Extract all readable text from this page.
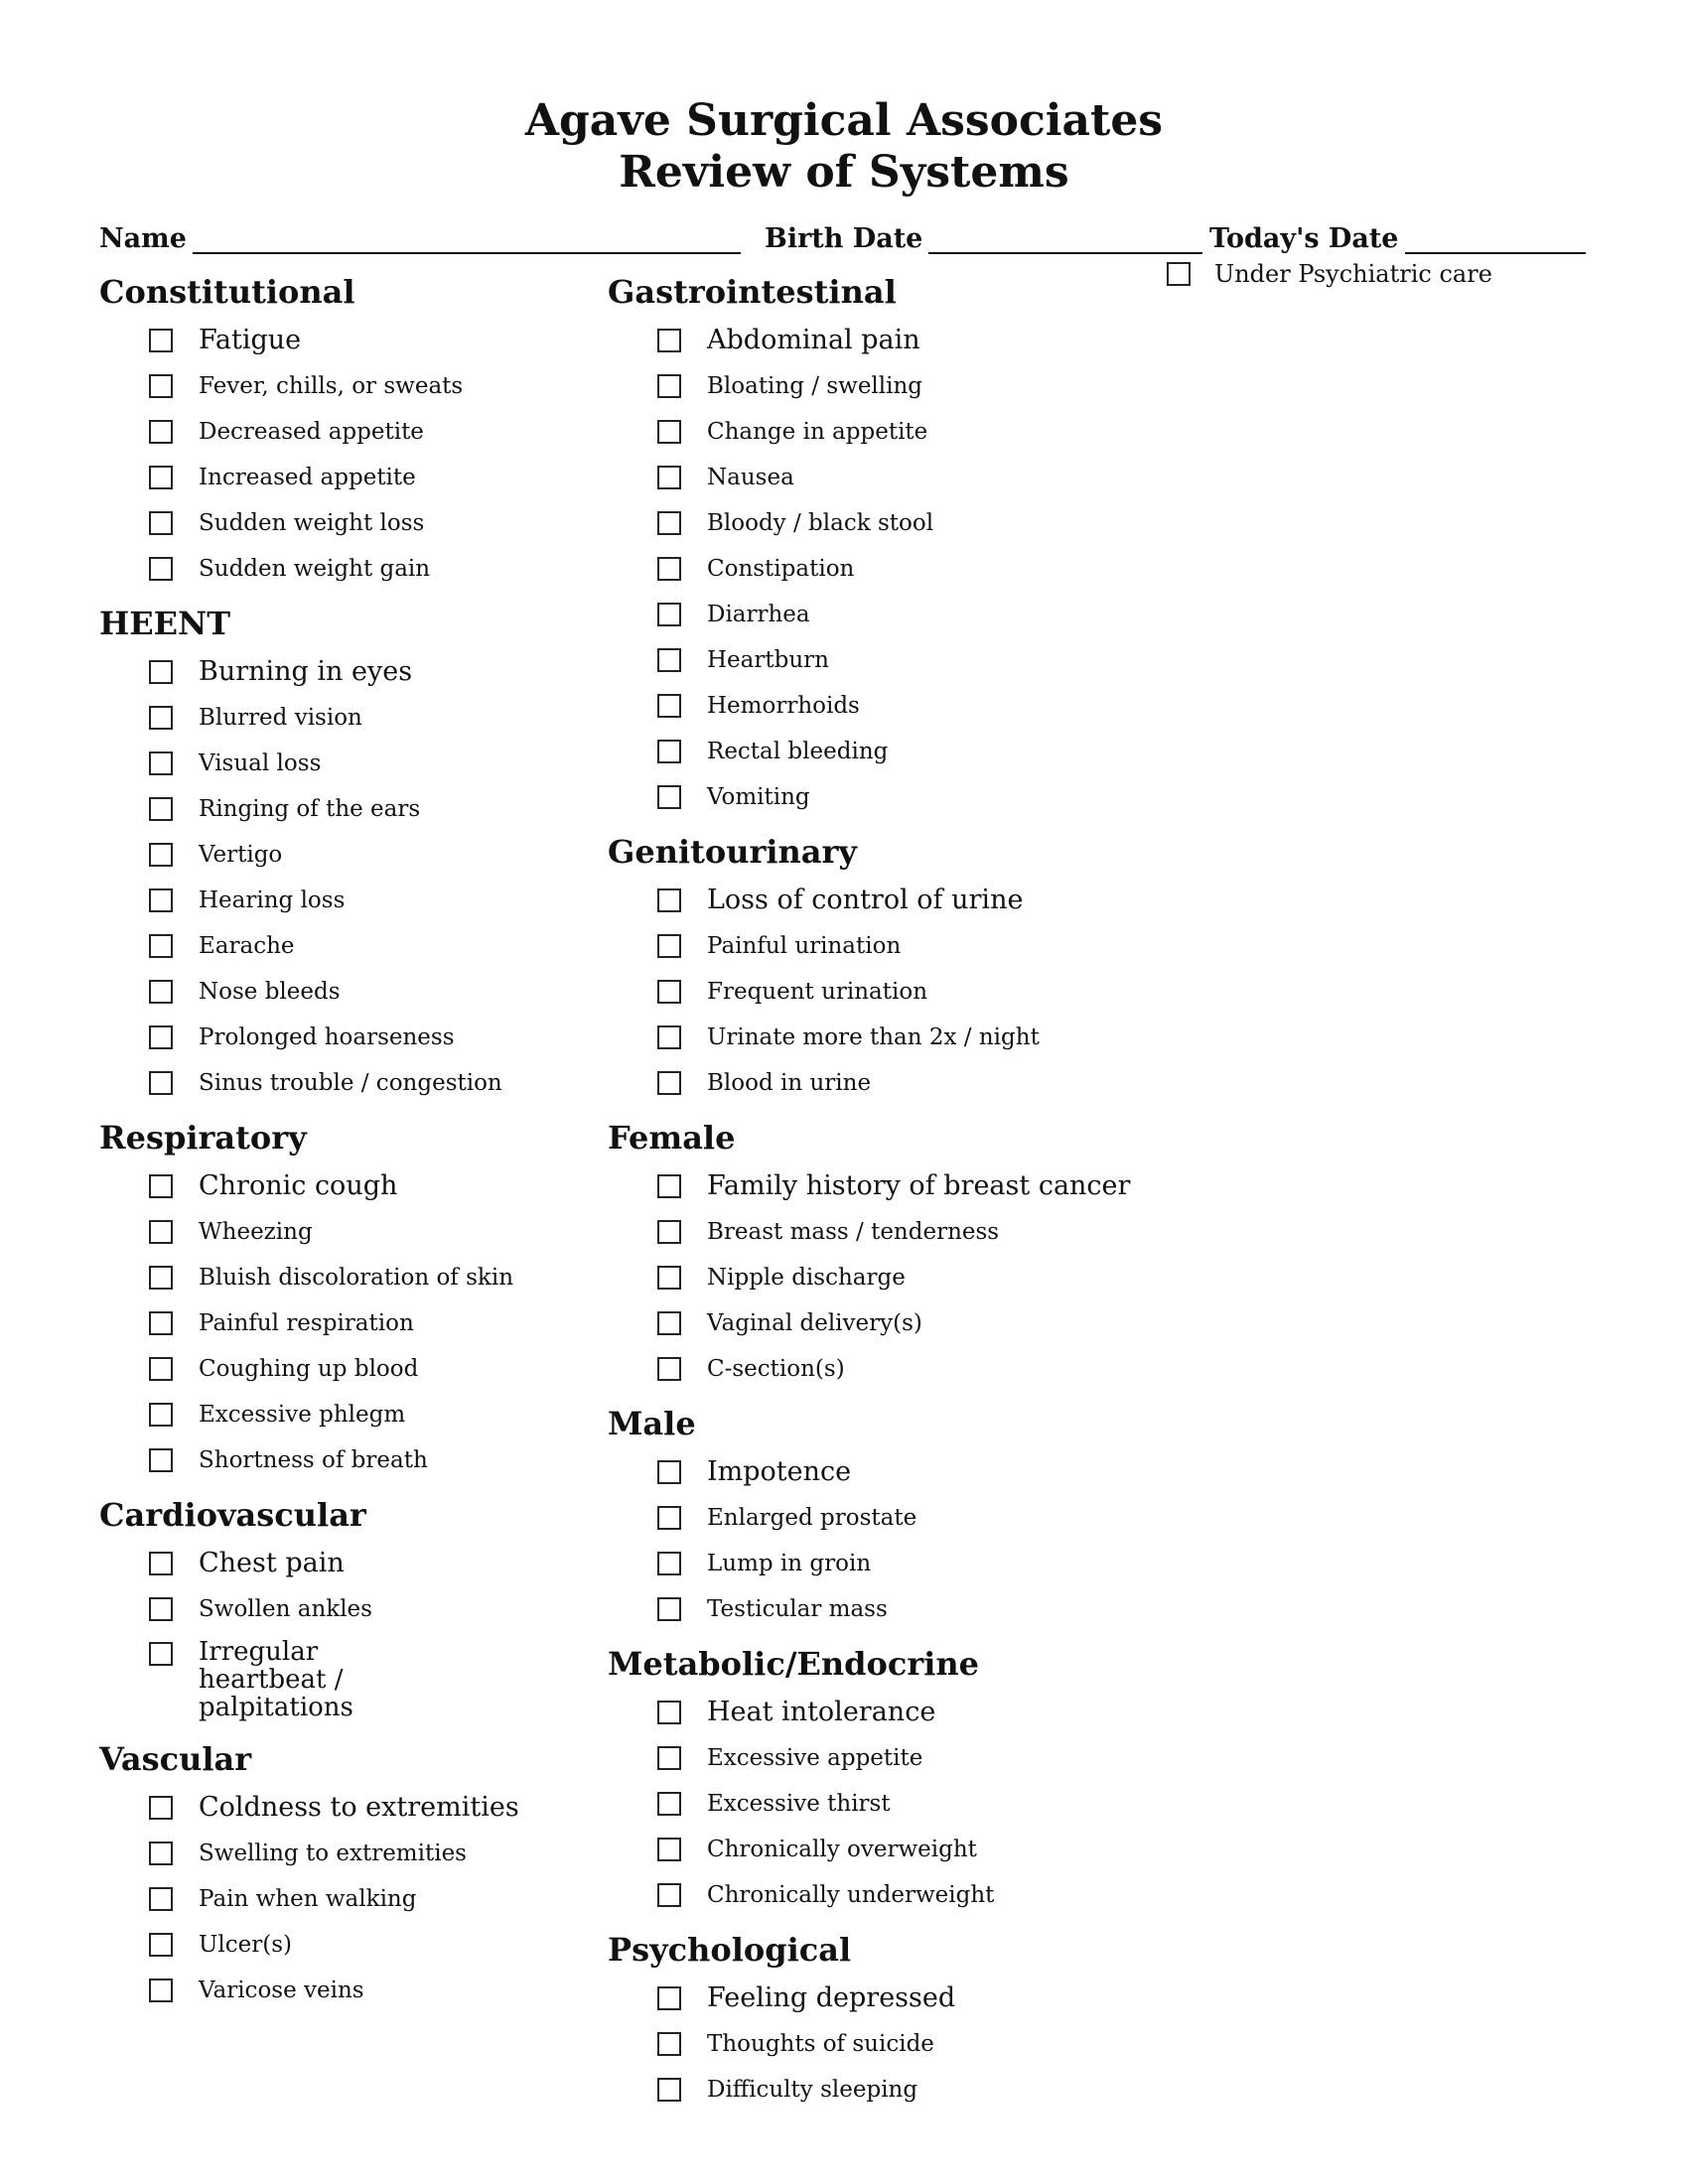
Agave Surgical Associates
Review of Systems
Name	Birth Date	Today's Date
Under Psychiatric care
Constitutional
Fatigue
Fever, chills, or sweats
Decreased appetite
Increased appetite
Sudden weight loss
Sudden weight gain
HEENT
Burning in eyes
Blurred vision
Visual loss
Ringing of the ears
Vertigo
Hearing loss
Earache
Nose bleeds
Prolonged hoarseness
Sinus trouble / congestion
Respiratory
Chronic cough
Wheezing
Bluish discoloration of skin
Painful respiration
Coughing up blood
Excessive phlegm
Shortness of breath
Cardiovascular
Chest pain
Swollen ankles
Irregular heartbeat / palpitations
Vascular
Coldness to extremities
Swelling to extremities
Pain when walking
Ulcer(s)
Varicose veins
Gastrointestinal
Abdominal pain
Bloating / swelling
Change in appetite
Nausea
Bloody / black stool
Constipation
Diarrhea
Heartburn
Hemorrhoids
Rectal bleeding
Vomiting
Genitourinary
Loss of control of urine
Painful urination
Frequent urination
Urinate more than 2x / night
Blood in urine
Female
Family history of breast cancer
Breast mass / tenderness
Nipple discharge
Vaginal delivery(s)
C-section(s)
Male
Impotence
Enlarged prostate
Lump in groin
Testicular mass
Metabolic/Endocrine
Heat intolerance
Excessive appetite
Excessive thirst
Chronically overweight
Chronically underweight
Psychological
Feeling depressed
Thoughts of suicide
Difficulty sleeping
